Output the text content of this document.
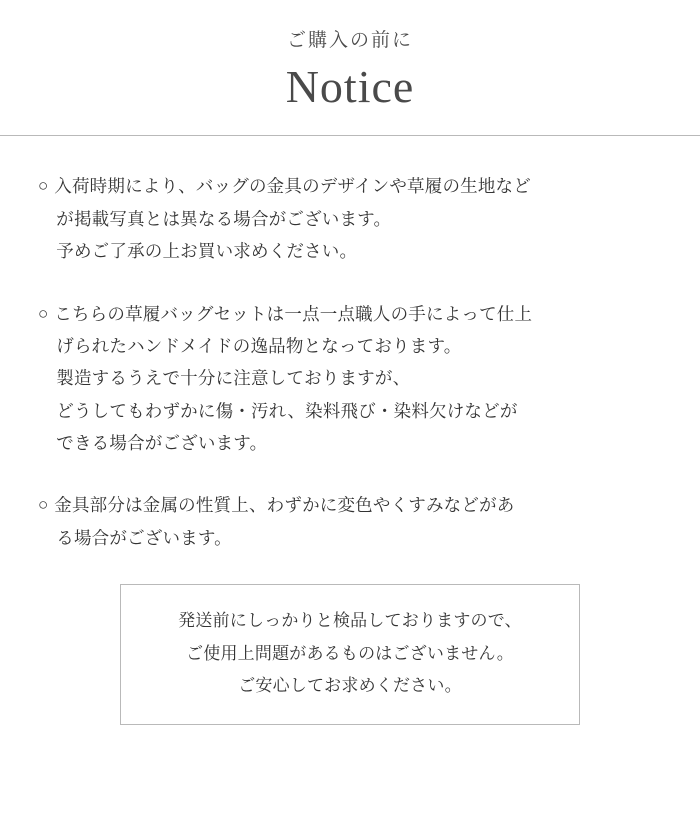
ご購入の前に
Notice
○ 入荷時期により、バッグの金具のデザインや草履の生地など
が掲載写真とは異なる場合がございます。
予めご了承の上お買い求めください。
○ こちらの草履バッグセットは一点一点職人の手によって仕上
げられたハンドメイドの逸品物となっております。
製造するうえで十分に注意しておりますが、
どうしてもわずかに傷・汚れ、染料飛び・染料欠けなどが
できる場合がございます。
○ 金具部分は金属の性質上、わずかに変色やくすみなどがあ
る場合がございます。
発送前にしっかりと検品しておりますので、
ご使用上問題があるものはございません。
ご安心してお求めください。
